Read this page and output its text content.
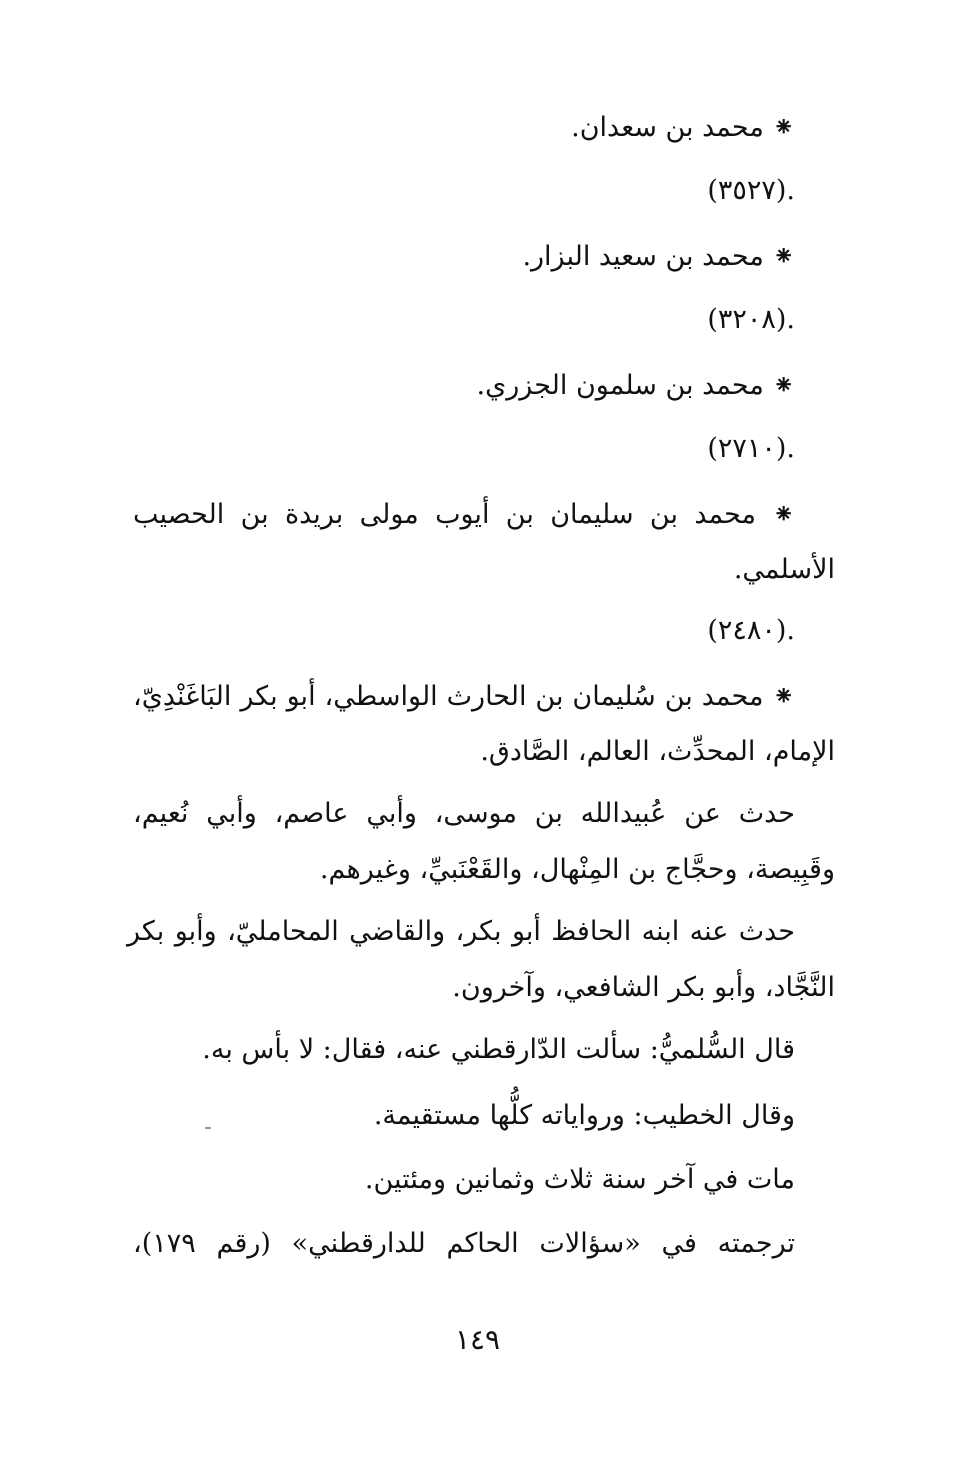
⁕ محمد بن سعدان.
.(٣٥٢٧)
⁕ محمد بن سعيد البزار.
.(٣٢٠٨)
⁕ محمد بن سلمون الجزري.
.(٢٧١٠)
⁕ محمد بن سليمان بن أيوب مولى بريدة بن الحصيب
الأسلمي.
.(٢٤٨٠)
⁕ محمد بن سُليمان بن الحارث الواسطي، أبو بكر البَاغَنْدِيّ،
الإمام، المحدِّث، العالم، الصَّادق.
حدث عن عُبيدالله بن موسى، وأبي عاصم، وأبي نُعيم،
وقَبِيصة، وحجَّاج بن المِنْهال، والقَعْنَبيِّ، وغيرهم.
حدث عنه ابنه الحافظ أبو بكر، والقاضي المحامليّ، وأبو بكر
النَّجَّاد، وأبو بكر الشافعي، وآخرون.
قال السُّلميُّ: سألت الدّارقطني عنه، فقال: لا بأس به.
وقال الخطيب: ورواياته كلُّها مستقيمة.
مات في آخر سنة ثلاث وثمانين ومئتين.
ترجمته في «سؤالات الحاكم للدارقطني» (رقم ١٧٩)،
١٤٩
